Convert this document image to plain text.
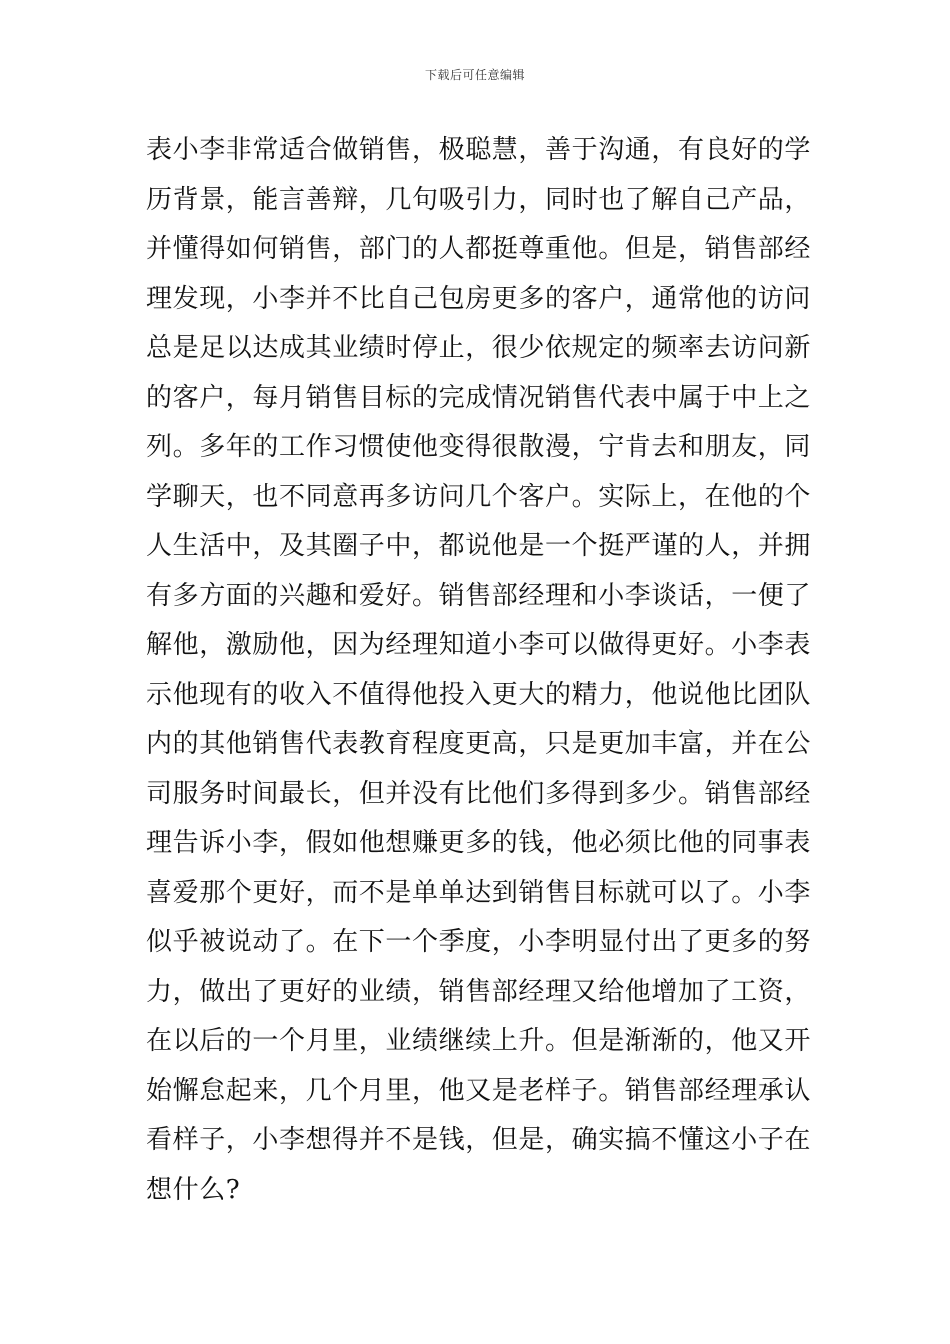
下载后可任意编辑
表小李非常适合做销售，极聪慧，善于沟通，有良好的学
历背景，能言善辩，几句吸引力，同时也了解自己产品，
并懂得如何销售，部门的人都挺尊重他。但是，销售部经
理发现，小李并不比自己包房更多的客户，通常他的访问
总是足以达成其业绩时停止，很少依规定的频率去访问新
的客户，每月销售目标的完成情况销售代表中属于中上之
列。多年的工作习惯使他变得很散漫，宁肯去和朋友，同
学聊天，也不同意再多访问几个客户。实际上，在他的个
人生活中，及其圈子中，都说他是一个挺严谨的人，并拥
有多方面的兴趣和爱好。销售部经理和小李谈话，一便了
解他，激励他，因为经理知道小李可以做得更好。小李表
示他现有的收入不值得他投入更大的精力，他说他比团队
内的其他销售代表教育程度更高，只是更加丰富，并在公
司服务时间最长，但并没有比他们多得到多少。销售部经
理告诉小李，假如他想赚更多的钱，他必须比他的同事表
喜爱那个更好，而不是单单达到销售目标就可以了。小李
似乎被说动了。在下一个季度，小李明显付出了更多的努
力，做出了更好的业绩，销售部经理又给他增加了工资，
在以后的一个月里，业绩继续上升。但是渐渐的，他又开
始懈怠起来，几个月里，他又是老样子。销售部经理承认
看样子，小李想得并不是钱，但是，确实搞不懂这小子在
想什么?
